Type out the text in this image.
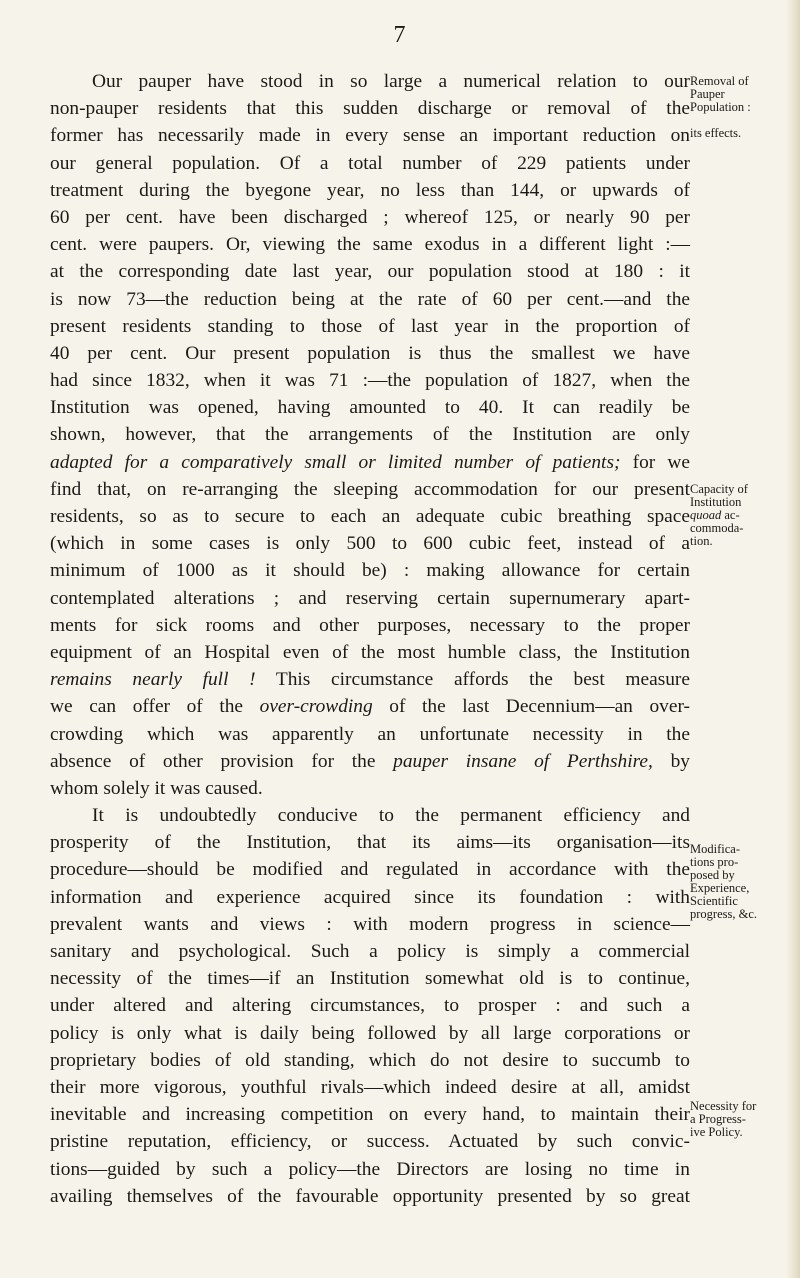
7
Our pauper have stood in so large a numerical relation to our
non-pauper residents that this sudden discharge or removal of the
former has necessarily made in every sense an important reduction on
our general population. Of a total number of 229 patients under
treatment during the byegone year, no less than 144, or upwards of
60 per cent. have been discharged ; whereof 125, or nearly 90 per
cent. were paupers. Or, viewing the same exodus in a different light :—
at the corresponding date last year, our population stood at 180 : it
is now 73—the reduction being at the rate of 60 per cent.—and the
present residents standing to those of last year in the proportion of
40 per cent. Our present population is thus the smallest we have
had since 1832, when it was 71 :—the population of 1827, when the
Institution was opened, having amounted to 40. It can readily be
shown, however, that the arrangements of the Institution are only
adapted for a comparatively small or limited number of patients; for we
find that, on re-arranging the sleeping accommodation for our present
residents, so as to secure to each an adequate cubic breathing space
(which in some cases is only 500 to 600 cubic feet, instead of a
minimum of 1000 as it should be) : making allowance for certain
contemplated alterations ; and reserving certain supernumerary apart-
ments for sick rooms and other purposes, necessary to the proper
equipment of an Hospital even of the most humble class, the Institution
remains nearly full ! This circumstance affords the best measure
we can offer of the over-crowding of the last Decennium—an over-
crowding which was apparently an unfortunate necessity in the
absence of other provision for the pauper insane of Perthshire, by
whom solely it was caused.
It is undoubtedly conducive to the permanent efficiency and
prosperity of the Institution, that its aims—its organisation—its
procedure—should be modified and regulated in accordance with the
information and experience acquired since its foundation : with
prevalent wants and views : with modern progress in science—
sanitary and psychological. Such a policy is simply a commercial
necessity of the times—if an Institution somewhat old is to continue,
under altered and altering circumstances, to prosper : and such a
policy is only what is daily being followed by all large corporations or
proprietary bodies of old standing, which do not desire to succumb to
their more vigorous, youthful rivals—which indeed desire at all, amidst
inevitable and increasing competition on every hand, to maintain their
pristine reputation, efficiency, or success. Actuated by such convic-
tions—guided by such a policy—the Directors are losing no time in
availing themselves of the favourable opportunity presented by so great
Removal of
Pauper
Population :

its effects.
Capacity of
Institution
quoad ac-
commoda-
tion.
Modifica-
tions pro-
posed by
Experience,
Scientific
progress, &c.
Necessity for
a Progress-
ive Policy.
